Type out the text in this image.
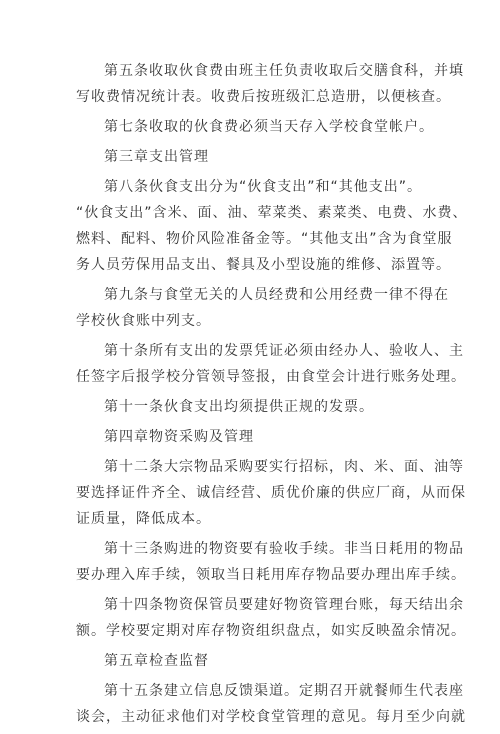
第五条收取伙食费由班主任负责收取后交膳食科，并填
写收费情况统计表。收费后按班级汇总造册，以便核查。

第七条收取的伙食费必须当天存入学校食堂帐户。

第三章支出管理

第八条伙食支出分为“伙食支出”和“其他支出”。
“伙食支出”含米、面、油、荤菜类、素菜类、电费、水费、
燃料、配料、物价风险准备金等。“其他支出”含为食堂服
务人员劳保用品支出、餐具及小型设施的维修、添置等。

第九条与食堂无关的人员经费和公用经费一律不得在
学校伙食账中列支。

第十条所有支出的发票凭证必须由经办人、验收人、主
任签字后报学校分管领导签报，由食堂会计进行账务处理。

第十一条伙食支出均须提供正规的发票。

第四章物资采购及管理

第十二条大宗物品采购要实行招标，肉、米、面、油等
要选择证件齐全、诚信经营、质优价廉的供应厂商，从而保
证质量，降低成本。

第十三条购进的物资要有验收手续。非当日耗用的物品
要办理入库手续，领取当日耗用库存物品要办理出库手续。

第十四条物资保管员要建好物资管理台账，每天结出余
额。学校要定期对库存物资组织盘点，如实反映盈余情况。

第五章检查监督

第十五条建立信息反馈渠道。定期召开就餐师生代表座
谈会，主动征求他们对学校食堂管理的意见。每月至少向就
